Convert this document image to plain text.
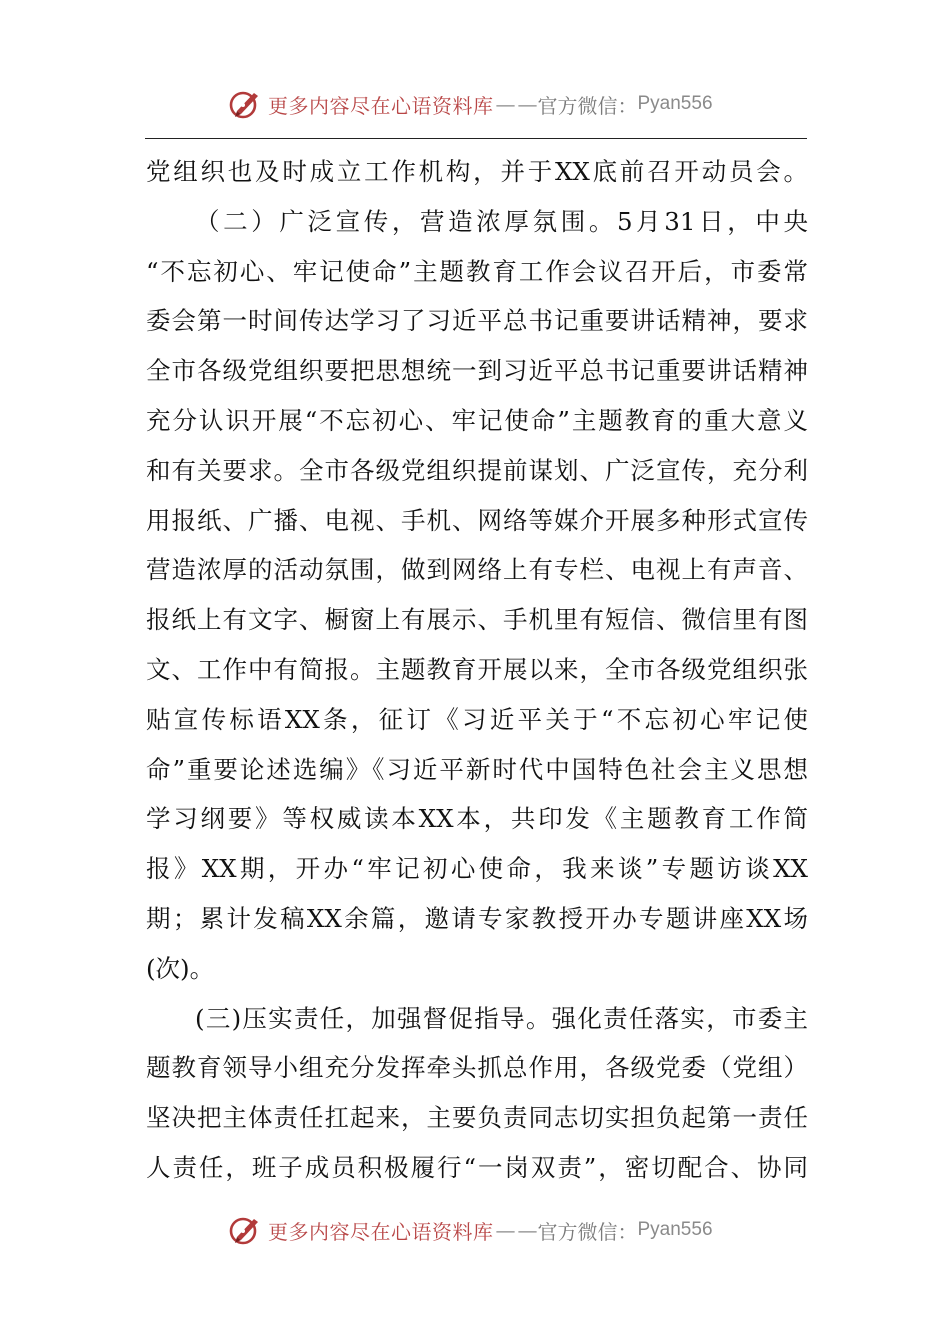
更多内容尽在心语资料库 — — 官方微信： Pyan556
党组织也及时成立工作机构，并于XX底前召开动员会。
（二）广泛宣传，营造浓厚氛围。5月31日，中央
“不忘初心、牢记使命”主题教育工作会议召开后，市委常
委会第一时间传达学习了习近平总书记重要讲话精神，要求
全市各级党组织要把思想统一到习近平总书记重要讲话精神
充分认识开展“不忘初心、牢记使命”主题教育的重大意义
和有关要求。全市各级党组织提前谋划、广泛宣传，充分利
用报纸、广播、电视、手机、网络等媒介开展多种形式宣传
营造浓厚的活动氛围，做到网络上有专栏、电视上有声音、
报纸上有文字、橱窗上有展示、手机里有短信、微信里有图
文、工作中有简报。主题教育开展以来，全市各级党组织张
贴宣传标语XX条，征订《习近平关于“不忘初心牢记使
命”重要论述选编》《习近平新时代中国特色社会主义思想
学习纲要》等权威读本XX本，共印发《主题教育工作简
报》XX期，开办“牢记初心使命，我来谈”专题访谈XX
期；累计发稿XX余篇，邀请专家教授开办专题讲座XX场
(次)。
(三)压实责任，加强督促指导。强化责任落实，市委主
题教育领导小组充分发挥牵头抓总作用，各级党委（党组）
坚决把主体责任扛起来，主要负责同志切实担负起第一责任
人责任，班子成员积极履行“一岗双责”，密切配合、协同
更多内容尽在心语资料库 — — 官方微信： Pyan556
